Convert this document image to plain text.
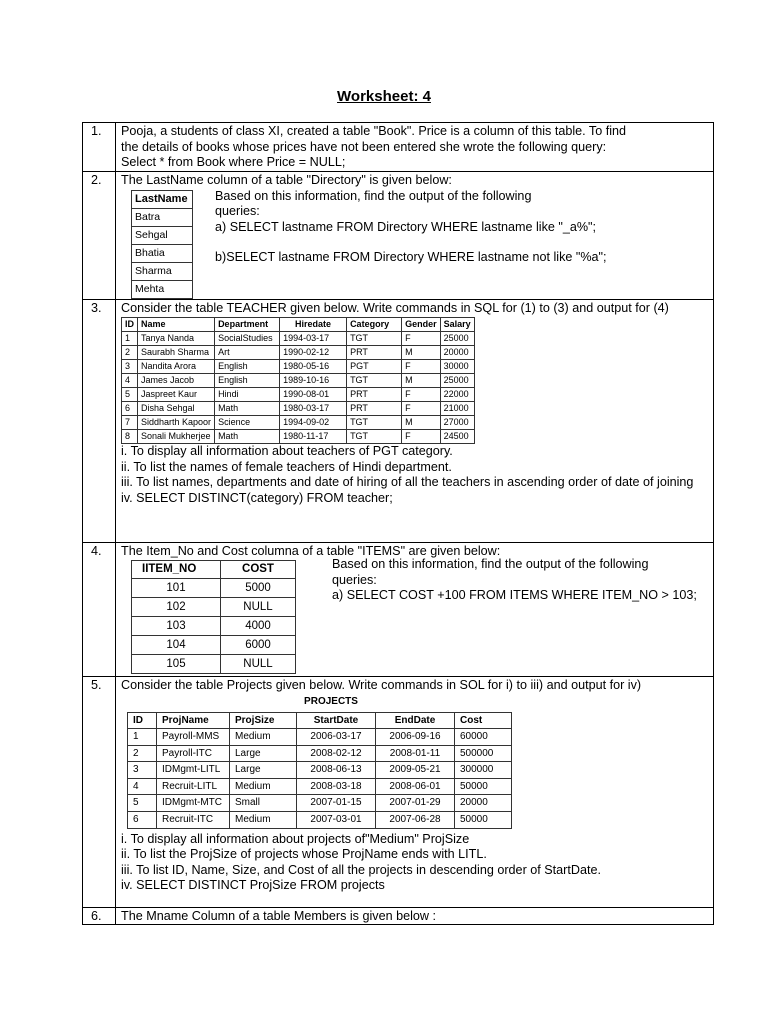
Worksheet: 4
1.	Pooja, a students of class XI, created a table "Book". Price is a column of this table. To find
the details of books whose prices have not been entered she wrote the following query:
Select * from Book where Price = NULL;

2.	The LastName column of a table "Directory" is given below:
LastName
Batra
Sehgal
Bhatia
Sharma
Mehta
Based on this information, find the output of the following
queries:
a) SELECT lastname FROM Directory WHERE lastname like "_a%";
b)SELECT lastname FROM Directory WHERE lastname not like "%a";

3.	Consider the table TEACHER given below. Write commands in SQL for (1) to (3) and output for (4)
ID	Name	Department	Hiredate	Category	Gender	Salary
1	Tanya Nanda	SocialStudies	1994-03-17	TGT	F	25000
2	Saurabh Sharma	Art	1990-02-12	PRT	M	20000
3	Nandita Arora	English	1980-05-16	PGT	F	30000
4	James Jacob	English	1989-10-16	TGT	M	25000
5	Jaspreet Kaur	Hindi	1990-08-01	PRT	F	22000
6	Disha Sehgal	Math	1980-03-17	PRT	F	21000
7	Siddharth Kapoor	Science	1994-09-02	TGT	M	27000
8	Sonali Mukherjee	Math	1980-11-17	TGT	F	24500
i. To display all information about teachers of PGT category.
ii. To list the names of female teachers of Hindi department.
iii. To list names, departments and date of hiring of all the teachers in ascending order of date of joining
iv. SELECT DISTINCT(category) FROM teacher;

4.	The Item_No and Cost columna of a table "ITEMS" are given below:
IITEM_NO	COST
101	5000
102	NULL
103	4000
104	6000
105	NULL
Based on this information, find the output of the following
queries:
a) SELECT COST +100 FROM ITEMS WHERE ITEM_NO > 103;

5.	Consider the table Projects given below. Write commands in SOL for i) to iii) and output for iv)
PROJECTS
ID	ProjName	ProjSize	StartDate	EndDate	Cost
1	Payroll-MMS	Medium	2006-03-17	2006-09-16	60000
2	Payroll-ITC	Large	2008-02-12	2008-01-11	500000
3	IDMgmt-LITL	Large	2008-06-13	2009-05-21	300000
4	Recruit-LITL	Medium	2008-03-18	2008-06-01	50000
5	IDMgmt-MTC	Small	2007-01-15	2007-01-29	20000
6	Recruit-ITC	Medium	2007-03-01	2007-06-28	50000
i. To display all information about projects of"Medium" ProjSize
ii. To list the ProjSize of projects whose ProjName ends with LITL.
iii. To list ID, Name, Size, and Cost of all the projects in descending order of StartDate.
iv. SELECT DISTINCT ProjSize FROM projects

6.	The Mname Column of a table Members is given below :
